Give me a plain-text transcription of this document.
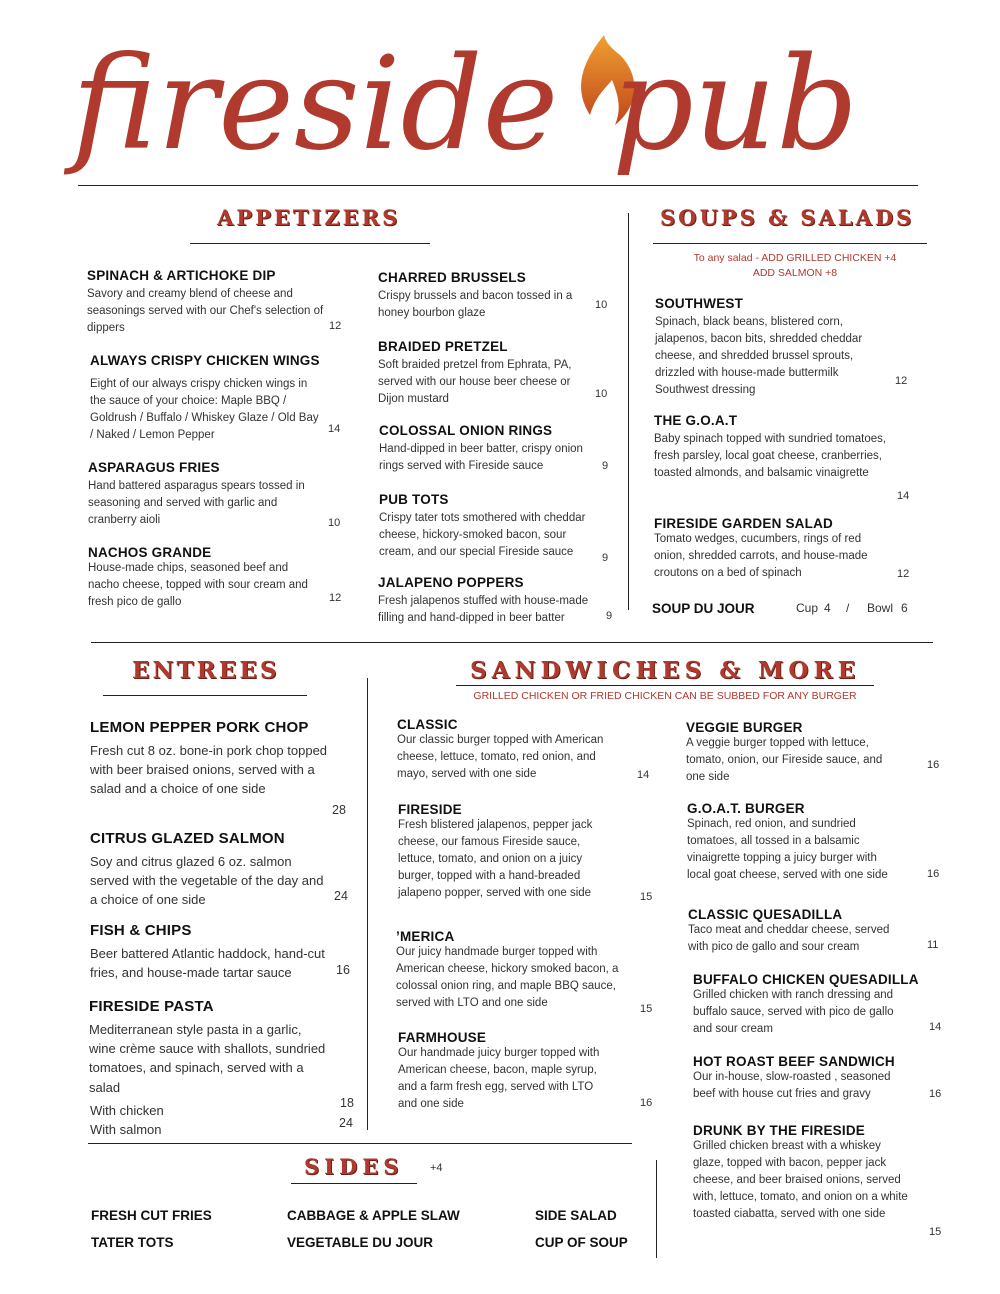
fireside pub
APPETIZERS
SPINACH & ARTICHOKE DIP
Savory and creamy blend of cheese and seasonings served with our Chef's selection of dippers	12
ALWAYS CRISPY CHICKEN WINGS
Eight of our always crispy chicken wings in the sauce of your choice: Maple BBQ / Goldrush / Buffalo / Whiskey Glaze / Old Bay / Naked / Lemon Pepper	14
ASPARAGUS FRIES
Hand battered asparagus spears tossed in seasoning and served with garlic and cranberry aioli	10
NACHOS GRANDE
House-made chips, seasoned beef and nacho cheese, topped with sour cream and fresh pico de gallo	12
CHARRED BRUSSELS
Crispy brussels and bacon tossed in a honey bourbon glaze
10
BRAIDED PRETZEL
Soft braided pretzel from Ephrata, PA, served with our house beer cheese or Dijon mustard	10
COLOSSAL ONION RINGS
Hand-dipped in beer batter, crispy onion rings served with Fireside sauce	9
PUB TOTS
Crispy tater tots smothered with cheddar cheese, hickory-smoked bacon, sour cream, and our special Fireside sauce	9
JALAPENO POPPERS
Fresh jalapenos stuffed with house-made filling and hand-dipped in beer batter	9
SOUPS & SALADS
To any salad - ADD GRILLED CHICKEN +4
ADD SALMON +8
SOUTHWEST
Spinach, black beans, blistered corn, jalapenos, bacon bits, shredded cheddar cheese, and shredded brussel sprouts, drizzled with house-made buttermilk Southwest dressing
12
THE G.O.A.T
Baby spinach topped with sundried tomatoes, fresh parsley, local goat cheese, cranberries, toasted almonds, and balsamic vinaigrette
14
FIRESIDE GARDEN SALAD
Tomato wedges, cucumbers, rings of red onion, shredded carrots, and house-made croutons on a bed of spinach	12
SOUP DU JOUR	Cup 4 / Bowl 6
ENTREES
LEMON PEPPER PORK CHOP
Fresh cut 8 oz. bone-in pork chop topped with beer braised onions, served with a salad and a choice of one side
28
CITRUS GLAZED SALMON
Soy and citrus glazed 6 oz. salmon served with the vegetable of the day and a choice of one side	24
FISH & CHIPS
Beer battered Atlantic haddock, hand-cut fries, and house-made tartar sauce	16
FIRESIDE PASTA
Mediterranean style pasta in a garlic, wine crème sauce with shallots, sundried tomatoes, and spinach, served with a salad
With chicken	18
With salmon	24
SANDWICHES & MORE
GRILLED CHICKEN OR FRIED CHICKEN CAN BE SUBBED FOR ANY BURGER
CLASSIC
Our classic burger topped with American cheese, lettuce, tomato, red onion, and mayo, served with one side	14
FIRESIDE
Fresh blistered jalapenos, pepper jack cheese, our famous Fireside sauce, lettuce, tomato, and onion on a juicy burger, topped with a hand-breaded jalapeno popper, served with one side	15
’MERICA
Our juicy handmade burger topped with American cheese, hickory smoked bacon, a colossal onion ring, and maple BBQ sauce, served with LTO and one side	15
FARMHOUSE
Our handmade juicy burger topped with American cheese, bacon, maple syrup, and a farm fresh egg, served with LTO and one side	16
VEGGIE BURGER
A veggie burger topped with lettuce, tomato, onion, our Fireside sauce, and one side
16
G.O.A.T. BURGER
Spinach, red onion, and sundried tomatoes, all tossed in a balsamic vinaigrette topping a juicy burger with local goat cheese, served with one side	16
CLASSIC QUESADILLA
Taco meat and cheddar cheese, served with pico de gallo and sour cream	11
BUFFALO CHICKEN QUESADILLA
Grilled chicken with ranch dressing and buffalo sauce, served with pico de gallo and sour cream	14
HOT ROAST BEEF SANDWICH
Our in-house, slow-roasted , seasoned beef with house cut fries and gravy	16
DRUNK BY THE FIRESIDE
Grilled chicken breast with a whiskey glaze, topped with bacon, pepper jack cheese, and beer braised onions, served with, lettuce, tomato, and onion on a white toasted ciabatta, served with one side
15
SIDES +4
FRESH CUT FRIES
TATER TOTS
CABBAGE & APPLE SLAW
VEGETABLE DU JOUR
SIDE SALAD
CUP OF SOUP
